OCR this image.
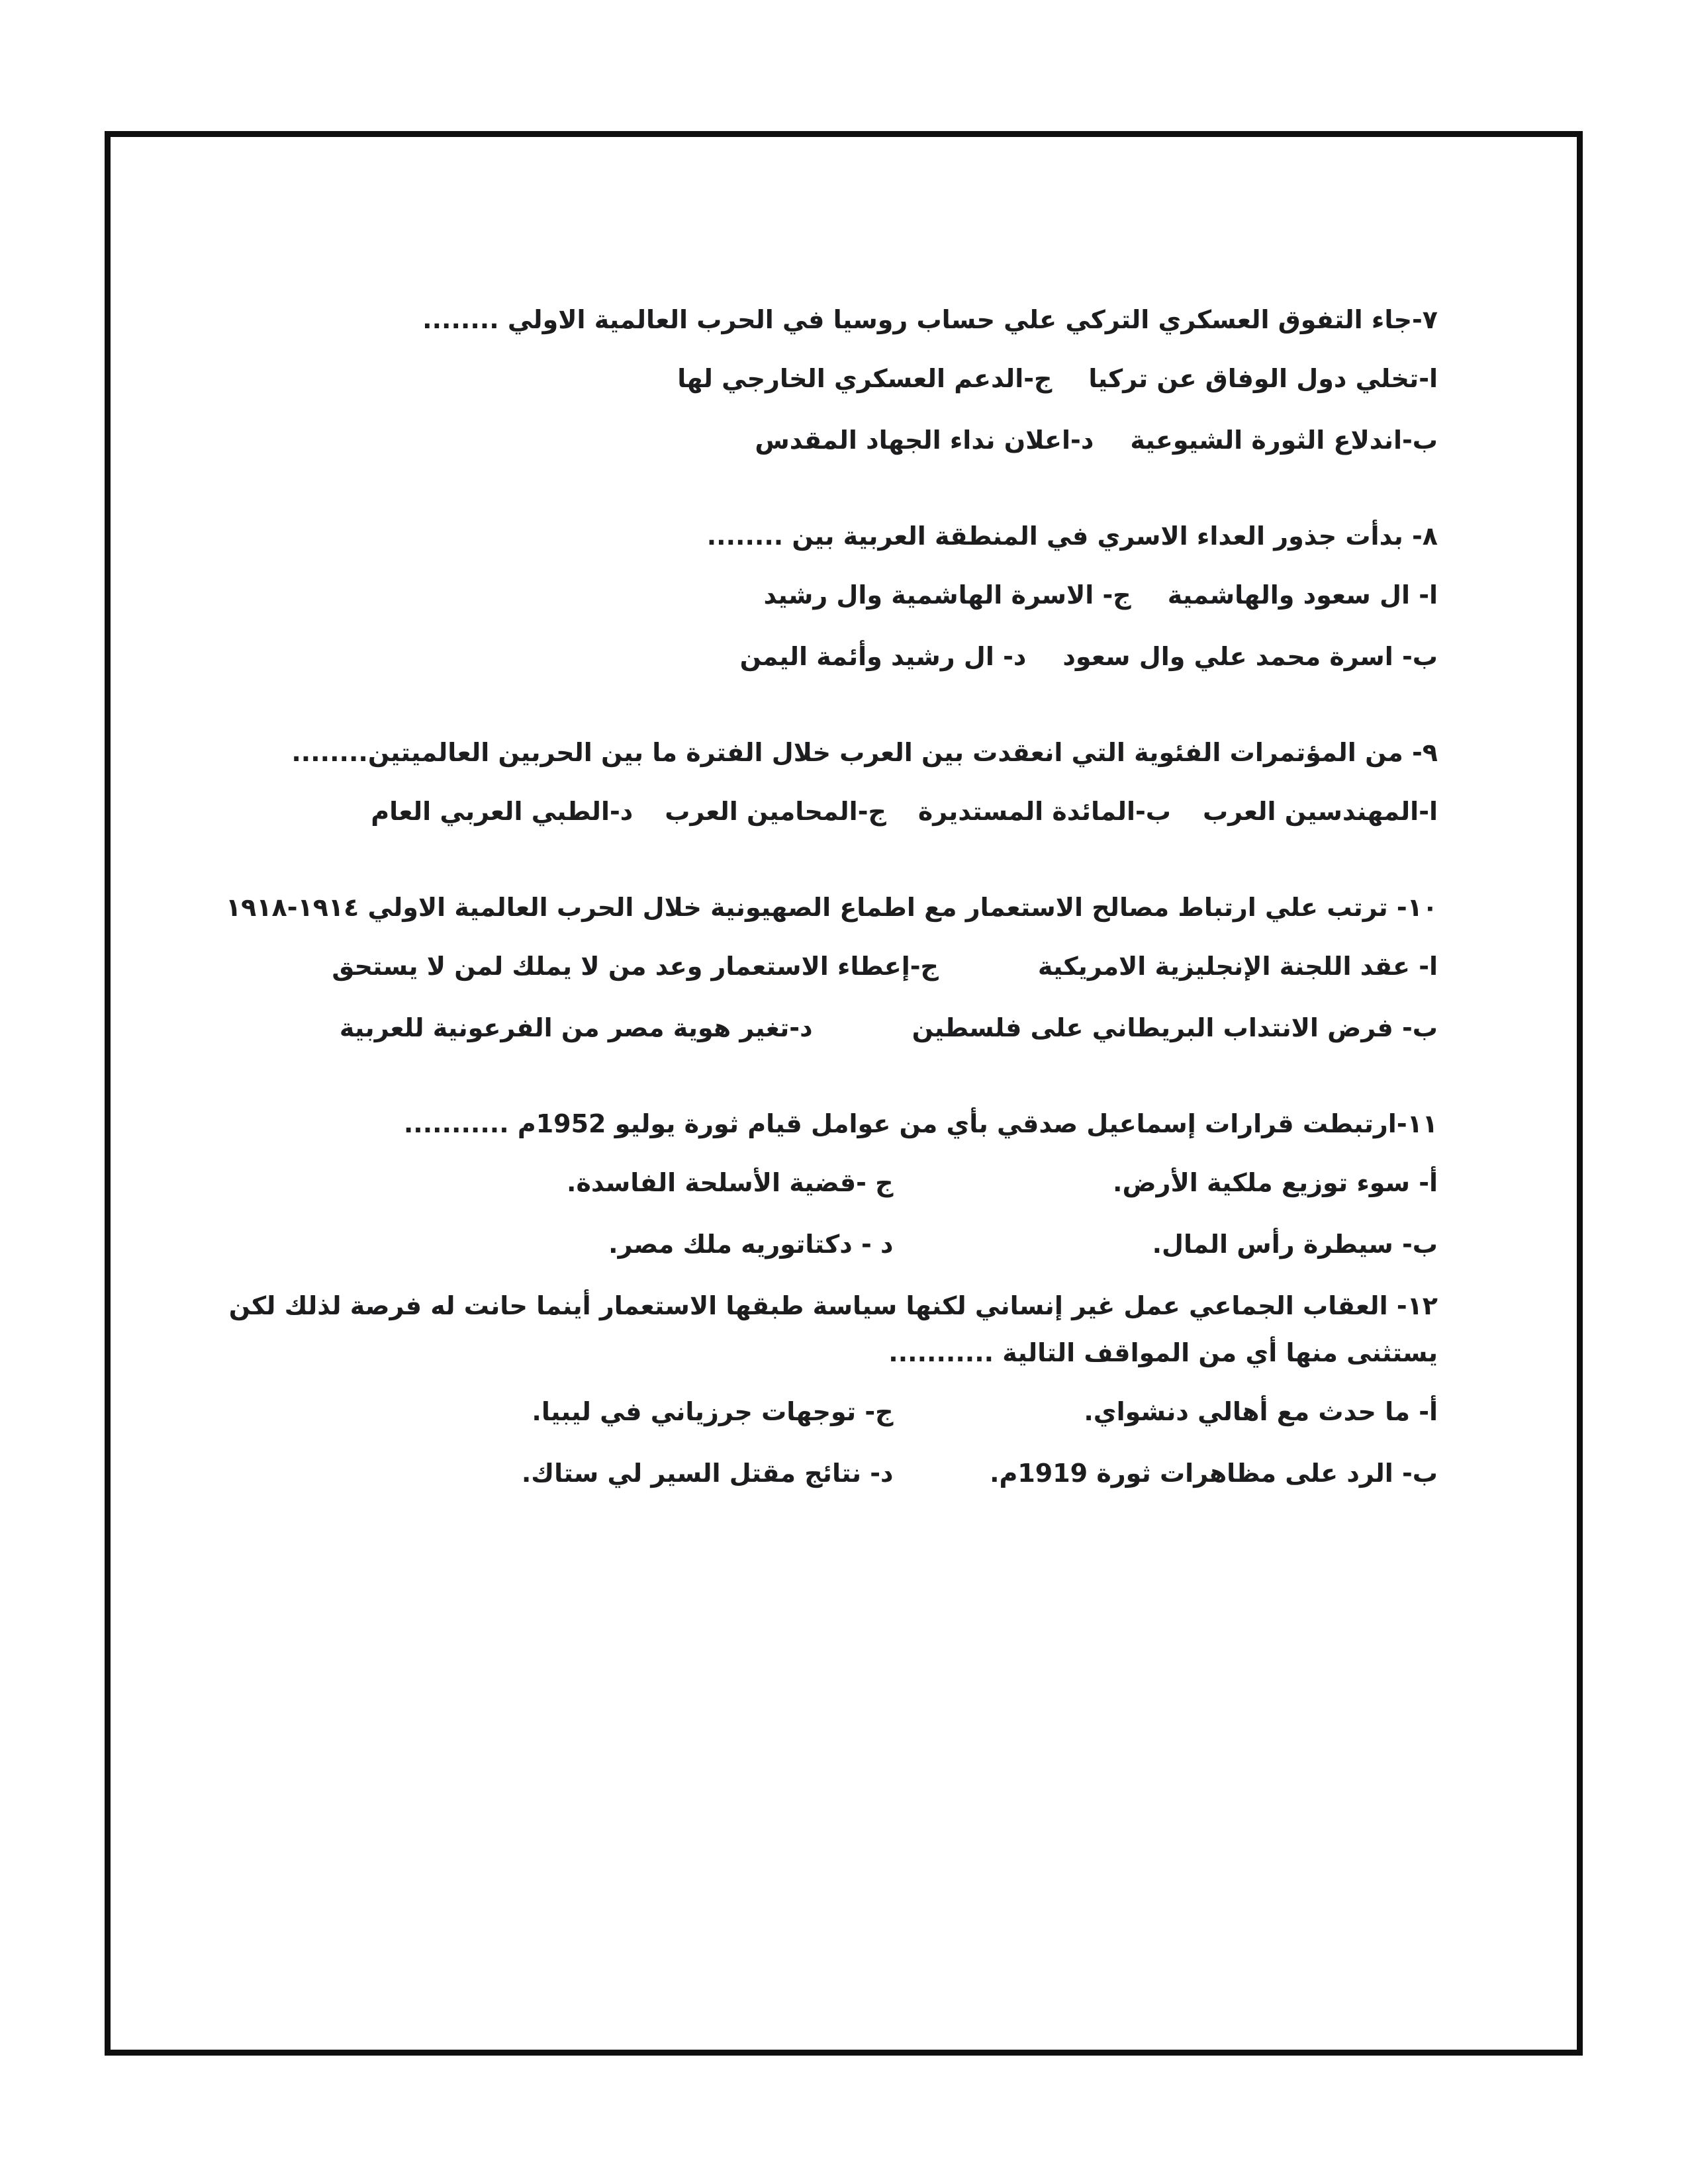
٧-جاء التفوق العسكري التركي علي حساب روسيا في الحرب العالمية الاولي ........
ا-تخلي دول الوفاق عن تركيا
ج-الدعم العسكري الخارجي لها
ب-اندلاع الثورة الشيوعية
د-اعلان نداء الجهاد المقدس
٨- بدأت جذور العداء الاسري في المنطقة العربية بين ........
ا- ال سعود والهاشمية
ج- الاسرة الهاشمية وال رشيد
ب- اسرة محمد علي وال سعود
د- ال رشيد وأئمة اليمن
٩- من المؤتمرات الفئوية التي انعقدت بين العرب خلال الفترة ما بين الحربين العالميتين........
ا-المهندسين العرب
ب-المائدة المستديرة
ج-المحامين العرب
د-الطبي العربي العام
١٠- ترتب علي ارتباط مصالح الاستعمار مع اطماع الصهيونية خلال الحرب العالمية الاولي ١٩١٤-١٩١٨
ا- عقد اللجنة الإنجليزية الامريكية
ج-إعطاء الاستعمار وعد من لا يملك لمن لا يستحق
ب- فرض الانتداب البريطاني على فلسطين
د-تغير هوية مصر من الفرعونية للعربية
١١-ارتبطت قرارات إسماعيل صدقي بأي من عوامل قيام ثورة يوليو 1952م ...........
أ- سوء توزيع ملكية الأرض.
ج -قضية الأسلحة الفاسدة.
ب- سيطرة رأس المال.
د - دكتاتوريه ملك مصر.
١٢- العقاب الجماعي عمل غير إنساني لكنها سياسة طبقها الاستعمار أينما حانت له فرصة لذلك لكن
يستثنى منها أي من المواقف التالية ...........
أ- ما حدث مع أهالي دنشواي.
ج- توجهات جرزياني في ليبيا.
ب- الرد على مظاهرات ثورة 1919م.
د- نتائج مقتل السير لي ستاك.
